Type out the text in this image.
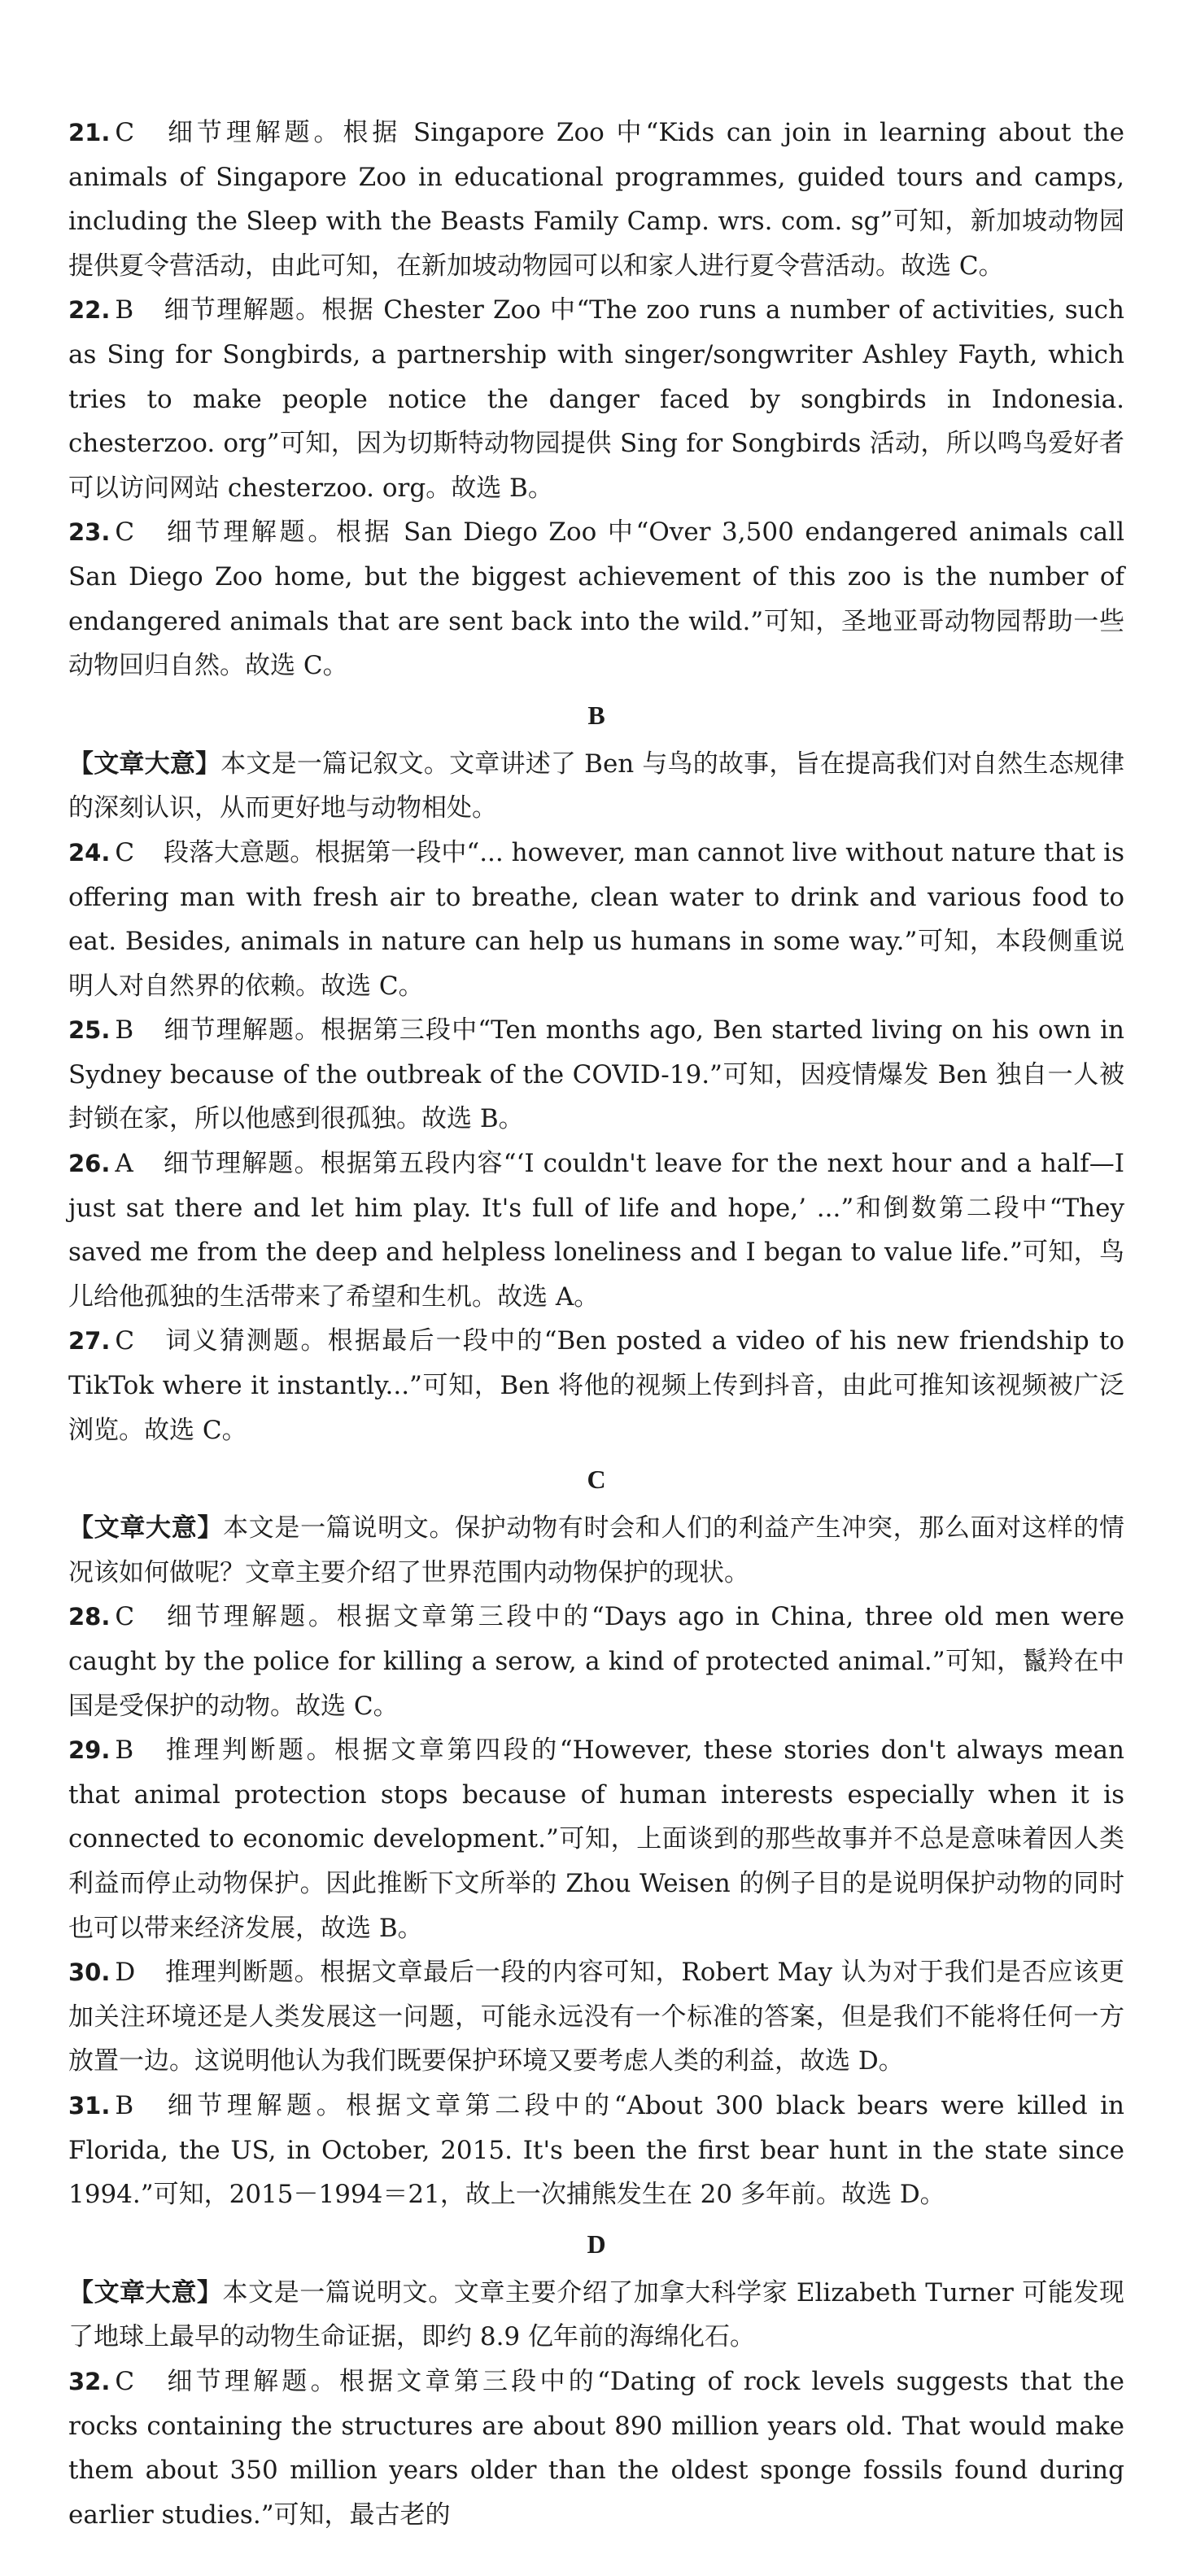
21. C 细节理解题。根据 Singapore Zoo 中“Kids can join in learning about the animals of Singapore Zoo in educational programmes, guided tours and camps, including the Sleep with the Beasts Family Camp. wrs. com. sg”可知，新加坡动物园提供夏令营活动，由此可知，在新加坡动物园可以和家人进行夏令营活动。故选 C。

22. B 细节理解题。根据 Chester Zoo 中“The zoo runs a number of activities, such as Sing for Songbirds, a partnership with singer/songwriter Ashley Fayth, which tries to make people notice the danger faced by songbirds in Indonesia. chesterzoo. org”可知，因为切斯特动物园提供 Sing for Songbirds 活动，所以鸣鸟爱好者可以访问网站 chesterzoo. org。故选 B。

23. C 细节理解题。根据 San Diego Zoo 中“Over 3,500 endangered animals call San Diego Zoo home, but the biggest achievement of this zoo is the number of endangered animals that are sent back into the wild.”可知，圣地亚哥动物园帮助一些动物回归自然。故选 C。

B

【文章大意】本文是一篇记叙文。文章讲述了 Ben 与鸟的故事，旨在提高我们对自然生态规律的深刻认识，从而更好地与动物相处。

24. C 段落大意题。根据第一段中“... however, man cannot live without nature that is offering man with fresh air to breathe, clean water to drink and various food to eat. Besides, animals in nature can help us humans in some way.”可知，本段侧重说明人对自然界的依赖。故选 C。

25. B 细节理解题。根据第三段中“Ten months ago, Ben started living on his own in Sydney because of the outbreak of the COVID-19.”可知，因疫情爆发 Ben 独自一人被封锁在家，所以他感到很孤独。故选 B。

26. A 细节理解题。根据第五段内容“‘I couldn't leave for the next hour and a half—I just sat there and let him play. It's full of life and hope,’ ...”和倒数第二段中“They saved me from the deep and helpless loneliness and I began to value life.”可知，鸟儿给他孤独的生活带来了希望和生机。故选 A。

27. C 词义猜测题。根据最后一段中的“Ben posted a video of his new friendship to TikTok where it instantly...”可知，Ben 将他的视频上传到抖音，由此可推知该视频被广泛浏览。故选 C。

C

【文章大意】本文是一篇说明文。保护动物有时会和人们的利益产生冲突，那么面对这样的情况该如何做呢？文章主要介绍了世界范围内动物保护的现状。

28. C 细节理解题。根据文章第三段中的“Days ago in China, three old men were caught by the police for killing a serow, a kind of protected animal.”可知，鬣羚在中国是受保护的动物。故选 C。

29. B 推理判断题。根据文章第四段的“However, these stories don't always mean that animal protection stops because of human interests especially when it is connected to economic development.”可知，上面谈到的那些故事并不总是意味着因人类利益而停止动物保护。因此推断下文所举的 Zhou Weisen 的例子目的是说明保护动物的同时也可以带来经济发展，故选 B。

30. D 推理判断题。根据文章最后一段的内容可知，Robert May 认为对于我们是否应该更加关注环境还是人类发展这一问题，可能永远没有一个标准的答案，但是我们不能将任何一方放置一边。这说明他认为我们既要保护环境又要考虑人类的利益，故选 D。

31. B 细节理解题。根据文章第二段中的“About 300 black bears were killed in Florida, the US, in October, 2015. It's been the first bear hunt in the state since 1994.”可知，2015－1994＝21，故上一次捕熊发生在 20 多年前。故选 D。

D

【文章大意】本文是一篇说明文。文章主要介绍了加拿大科学家 Elizabeth Turner 可能发现了地球上最早的动物生命证据，即约 8.9 亿年前的海绵化石。

32. C 细节理解题。根据文章第三段中的“Dating of rock levels suggests that the rocks containing the structures are about 890 million years old. That would make them about 350 million years older than the oldest sponge fossils found during earlier studies.”可知，最古老的
